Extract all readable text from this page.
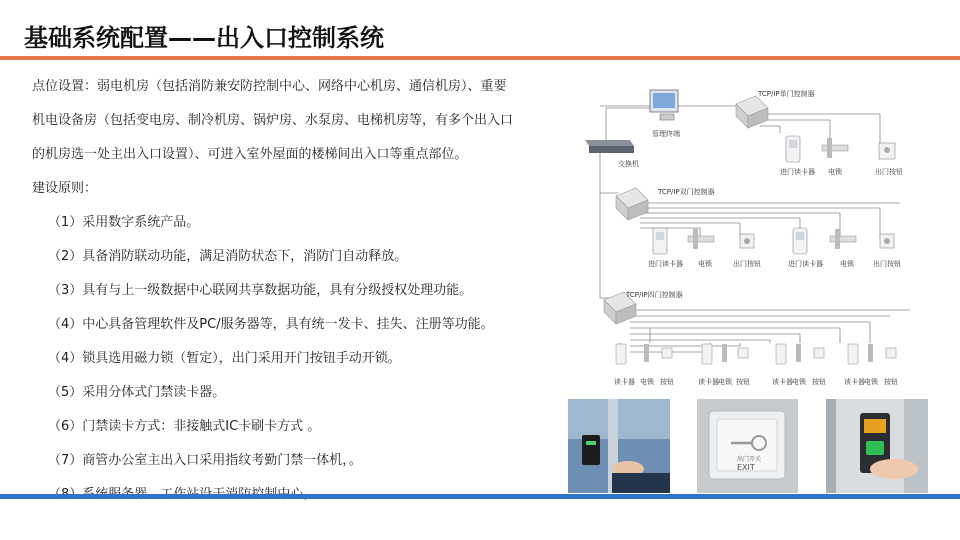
基础系统配置——出入口控制系统

点位设置：弱电机房（包括消防兼安防控制中心、网络中心机房、通信机房）、重要

机电设备房（包括变电房、制冷机房、锅炉房、水泵房、电梯机房等，有多个出入口

的机房选一处主出入口设置）、可进入室外屋面的楼梯间出入口等重点部位。

建设原则：

（1）采用数字系统产品。

（2）具备消防联动功能，满足消防状态下，消防门自动释放。

（3）具有与上一级数据中心联网共享数据功能，具有分级授权处理功能。

（4）中心具备管理软件及PC/服务器等，具有统一发卡、挂失、注册等功能。

（4）锁具选用磁力锁（暂定），出门采用开门按钮手动开锁。

（5）采用分体式门禁读卡器。

（6）门禁读卡方式：非接触式IC卡刷卡方式 。

（7）商管办公室主出入口采用指纹考勤门禁一体机，。

管理终端
交换机
TCP/IP单门控制器
进门读卡器 电锁	出门按钮
TCP/IP双门控制器
进门读卡器 电锁	出门按钮	进门读卡器 电锁	出门按钮
TCP/IP四门控制器
读卡器 电锁 按钮	读卡器 电锁 按钮	读卡器 电锁 按钮	读卡器 电锁 按钮
出门开关
EXIT
